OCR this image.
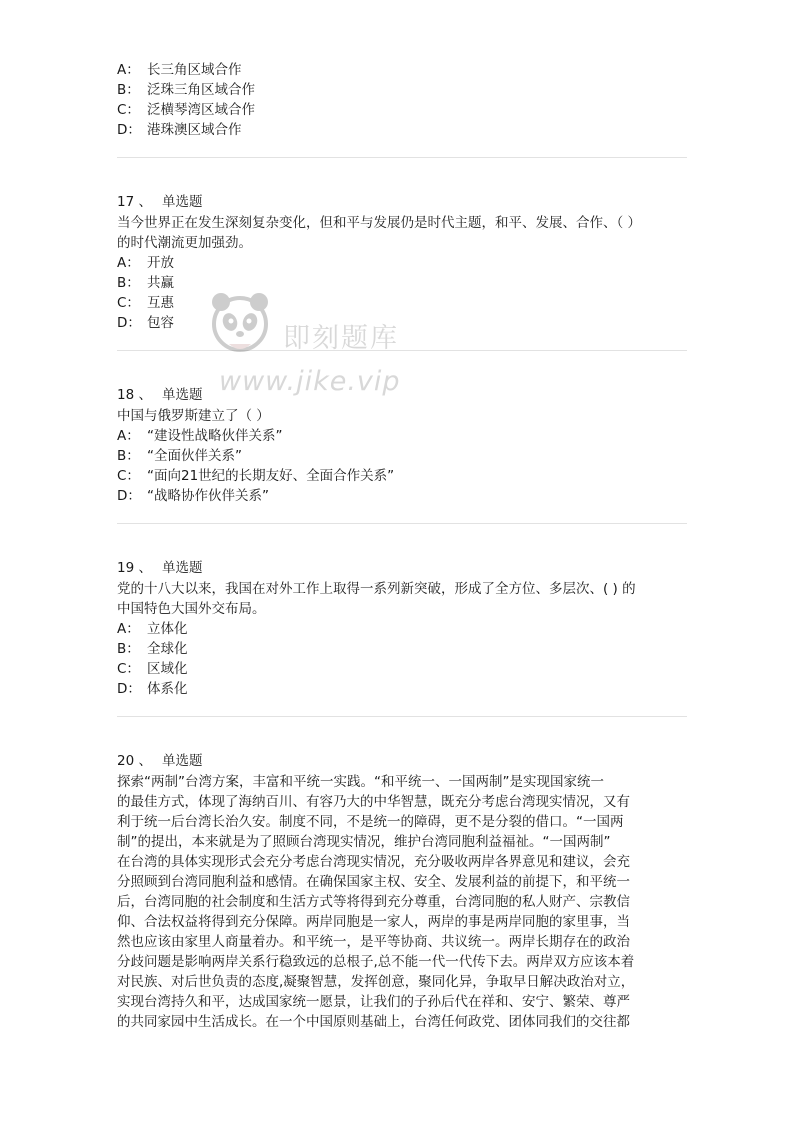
A： 长三角区域合作
B： 泛珠三角区域合作
C： 泛横琴湾区域合作
D： 港珠澳区域合作
17 、 单选题
当今世界正在发生深刻复杂变化，但和平与发展仍是时代主题，和平、发展、合作、（ ）
的时代潮流更加强劲。
A： 开放
B： 共赢
C： 互惠
D： 包容
18 、 单选题
中国与俄罗斯建立了（ ）
A： “建设性战略伙伴关系”
B： “全面伙伴关系”
C： “面向21世纪的长期友好、全面合作关系”
D： “战略协作伙伴关系”
19 、 单选题
党的十八大以来，我国在对外工作上取得一系列新突破，形成了全方位、多层次、( ) 的
中国特色大国外交布局。
A： 立体化
B： 全球化
C： 区域化
D： 体系化
20 、 单选题
探索“两制”台湾方案，丰富和平统一实践。“和平统一、一国两制”是实现国家统一
的最佳方式，体现了海纳百川、有容乃大的中华智慧，既充分考虑台湾现实情况，又有
利于统一后台湾长治久安。制度不同，不是统一的障碍，更不是分裂的借口。“一国两
制”的提出，本来就是为了照顾台湾现实情况，维护台湾同胞利益福祉。“一国两制”
在台湾的具体实现形式会充分考虑台湾现实情况，充分吸收两岸各界意见和建议，会充
分照顾到台湾同胞利益和感情。在确保国家主权、安全、发展利益的前提下，和平统一
后，台湾同胞的社会制度和生活方式等将得到充分尊重，台湾同胞的私人财产、宗教信
仰、合法权益将得到充分保障。两岸同胞是一家人，两岸的事是两岸同胞的家里事，当
然也应该由家里人商量着办。和平统一，是平等协商、共议统一。两岸长期存在的政治
分歧问题是影响两岸关系行稳致远的总根子,总不能一代一代传下去。两岸双方应该本着
对民族、对后世负责的态度,凝聚智慧，发挥创意，聚同化异，争取早日解决政治对立，
实现台湾持久和平，达成国家统一愿景，让我们的子孙后代在祥和、安宁、繁荣、尊严
的共同家园中生活成长。在一个中国原则基础上，台湾任何政党、团体同我们的交往都
即刻题库
www.jike.vip
